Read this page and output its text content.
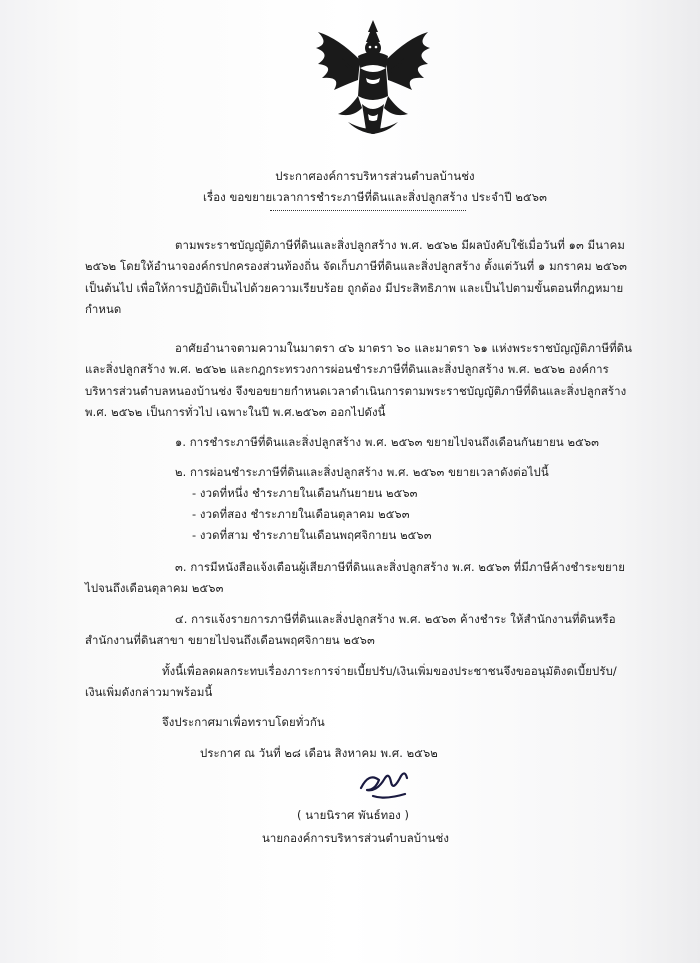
ประกาศองค์การบริหารส่วนตำบลบ้านช่ง
เรื่อง ขอขยายเวลาการชำระภาษีที่ดินและสิ่งปลูกสร้าง ประจำปี ๒๕๖๓
ตามพระราชบัญญัติภาษีที่ดินและสิ่งปลูกสร้าง พ.ศ. ๒๕๖๒ มีผลบังคับใช้เมื่อวันที่ ๑๓ มีนาคม
๒๕๖๒ โดยให้อำนาจองค์กรปกครองส่วนท้องถิ่น จัดเก็บภาษีที่ดินและสิ่งปลูกสร้าง ตั้งแต่วันที่ ๑ มกราคม ๒๕๖๓
เป็นต้นไป เพื่อให้การปฏิบัติเป็นไปด้วยความเรียบร้อย ถูกต้อง มีประสิทธิภาพ และเป็นไปตามขั้นตอนที่กฎหมาย
กำหนด
อาศัยอำนาจตามความในมาตรา ๔๖ มาตรา ๖๐ และมาตรา ๖๑ แห่งพระราชบัญญัติภาษีที่ดิน
และสิ่งปลูกสร้าง พ.ศ. ๒๕๖๒ และกฎกระทรวงการผ่อนชำระภาษีที่ดินและสิ่งปลูกสร้าง พ.ศ. ๒๕๖๒ องค์การ
บริหารส่วนตำบลหนองบ้านช่ง จึงขอขยายกำหนดเวลาดำเนินการตามพระราชบัญญัติภาษีที่ดินและสิ่งปลูกสร้าง
พ.ศ. ๒๕๖๒ เป็นการทั่วไป เฉพาะในปี พ.ศ.๒๕๖๓ ออกไปดังนี้
๑. การชำระภาษีที่ดินและสิ่งปลูกสร้าง พ.ศ. ๒๕๖๓ ขยายไปจนถึงเดือนกันยายน ๒๕๖๓
๒. การผ่อนชำระภาษีที่ดินและสิ่งปลูกสร้าง พ.ศ. ๒๕๖๓ ขยายเวลาดังต่อไปนี้
- งวดที่หนึ่ง ชำระภายในเดือนกันยายน ๒๕๖๓
- งวดที่สอง ชำระภายในเดือนตุลาคม ๒๕๖๓
- งวดที่สาม ชำระภายในเดือนพฤศจิกายน ๒๕๖๓
๓. การมีหนังสือแจ้งเตือนผู้เสียภาษีที่ดินและสิ่งปลูกสร้าง พ.ศ. ๒๕๖๓ ที่มีภาษีค้างชำระขยาย
ไปจนถึงเดือนตุลาคม ๒๕๖๓
๔. การแจ้งรายการภาษีที่ดินและสิ่งปลูกสร้าง พ.ศ. ๒๕๖๓ ค้างชำระ ให้สำนักงานที่ดินหรือ
สำนักงานที่ดินสาขา ขยายไปจนถึงเดือนพฤศจิกายน ๒๕๖๓
ทั้งนี้เพื่อลดผลกระทบเรื่องภาระการจ่ายเบี้ยปรับ/เงินเพิ่มของประชาชนจึงขออนุมัติงดเบี้ยปรับ/
เงินเพิ่มดังกล่าวมาพร้อมนี้
จึงประกาศมาเพื่อทราบโดยทั่วกัน
ประกาศ ณ วันที่ ๒๘ เดือน สิงหาคม พ.ศ. ๒๕๖๒
( นายนิราศ พันธ์ทอง )
นายกองค์การบริหารส่วนตำบลบ้านช่ง
